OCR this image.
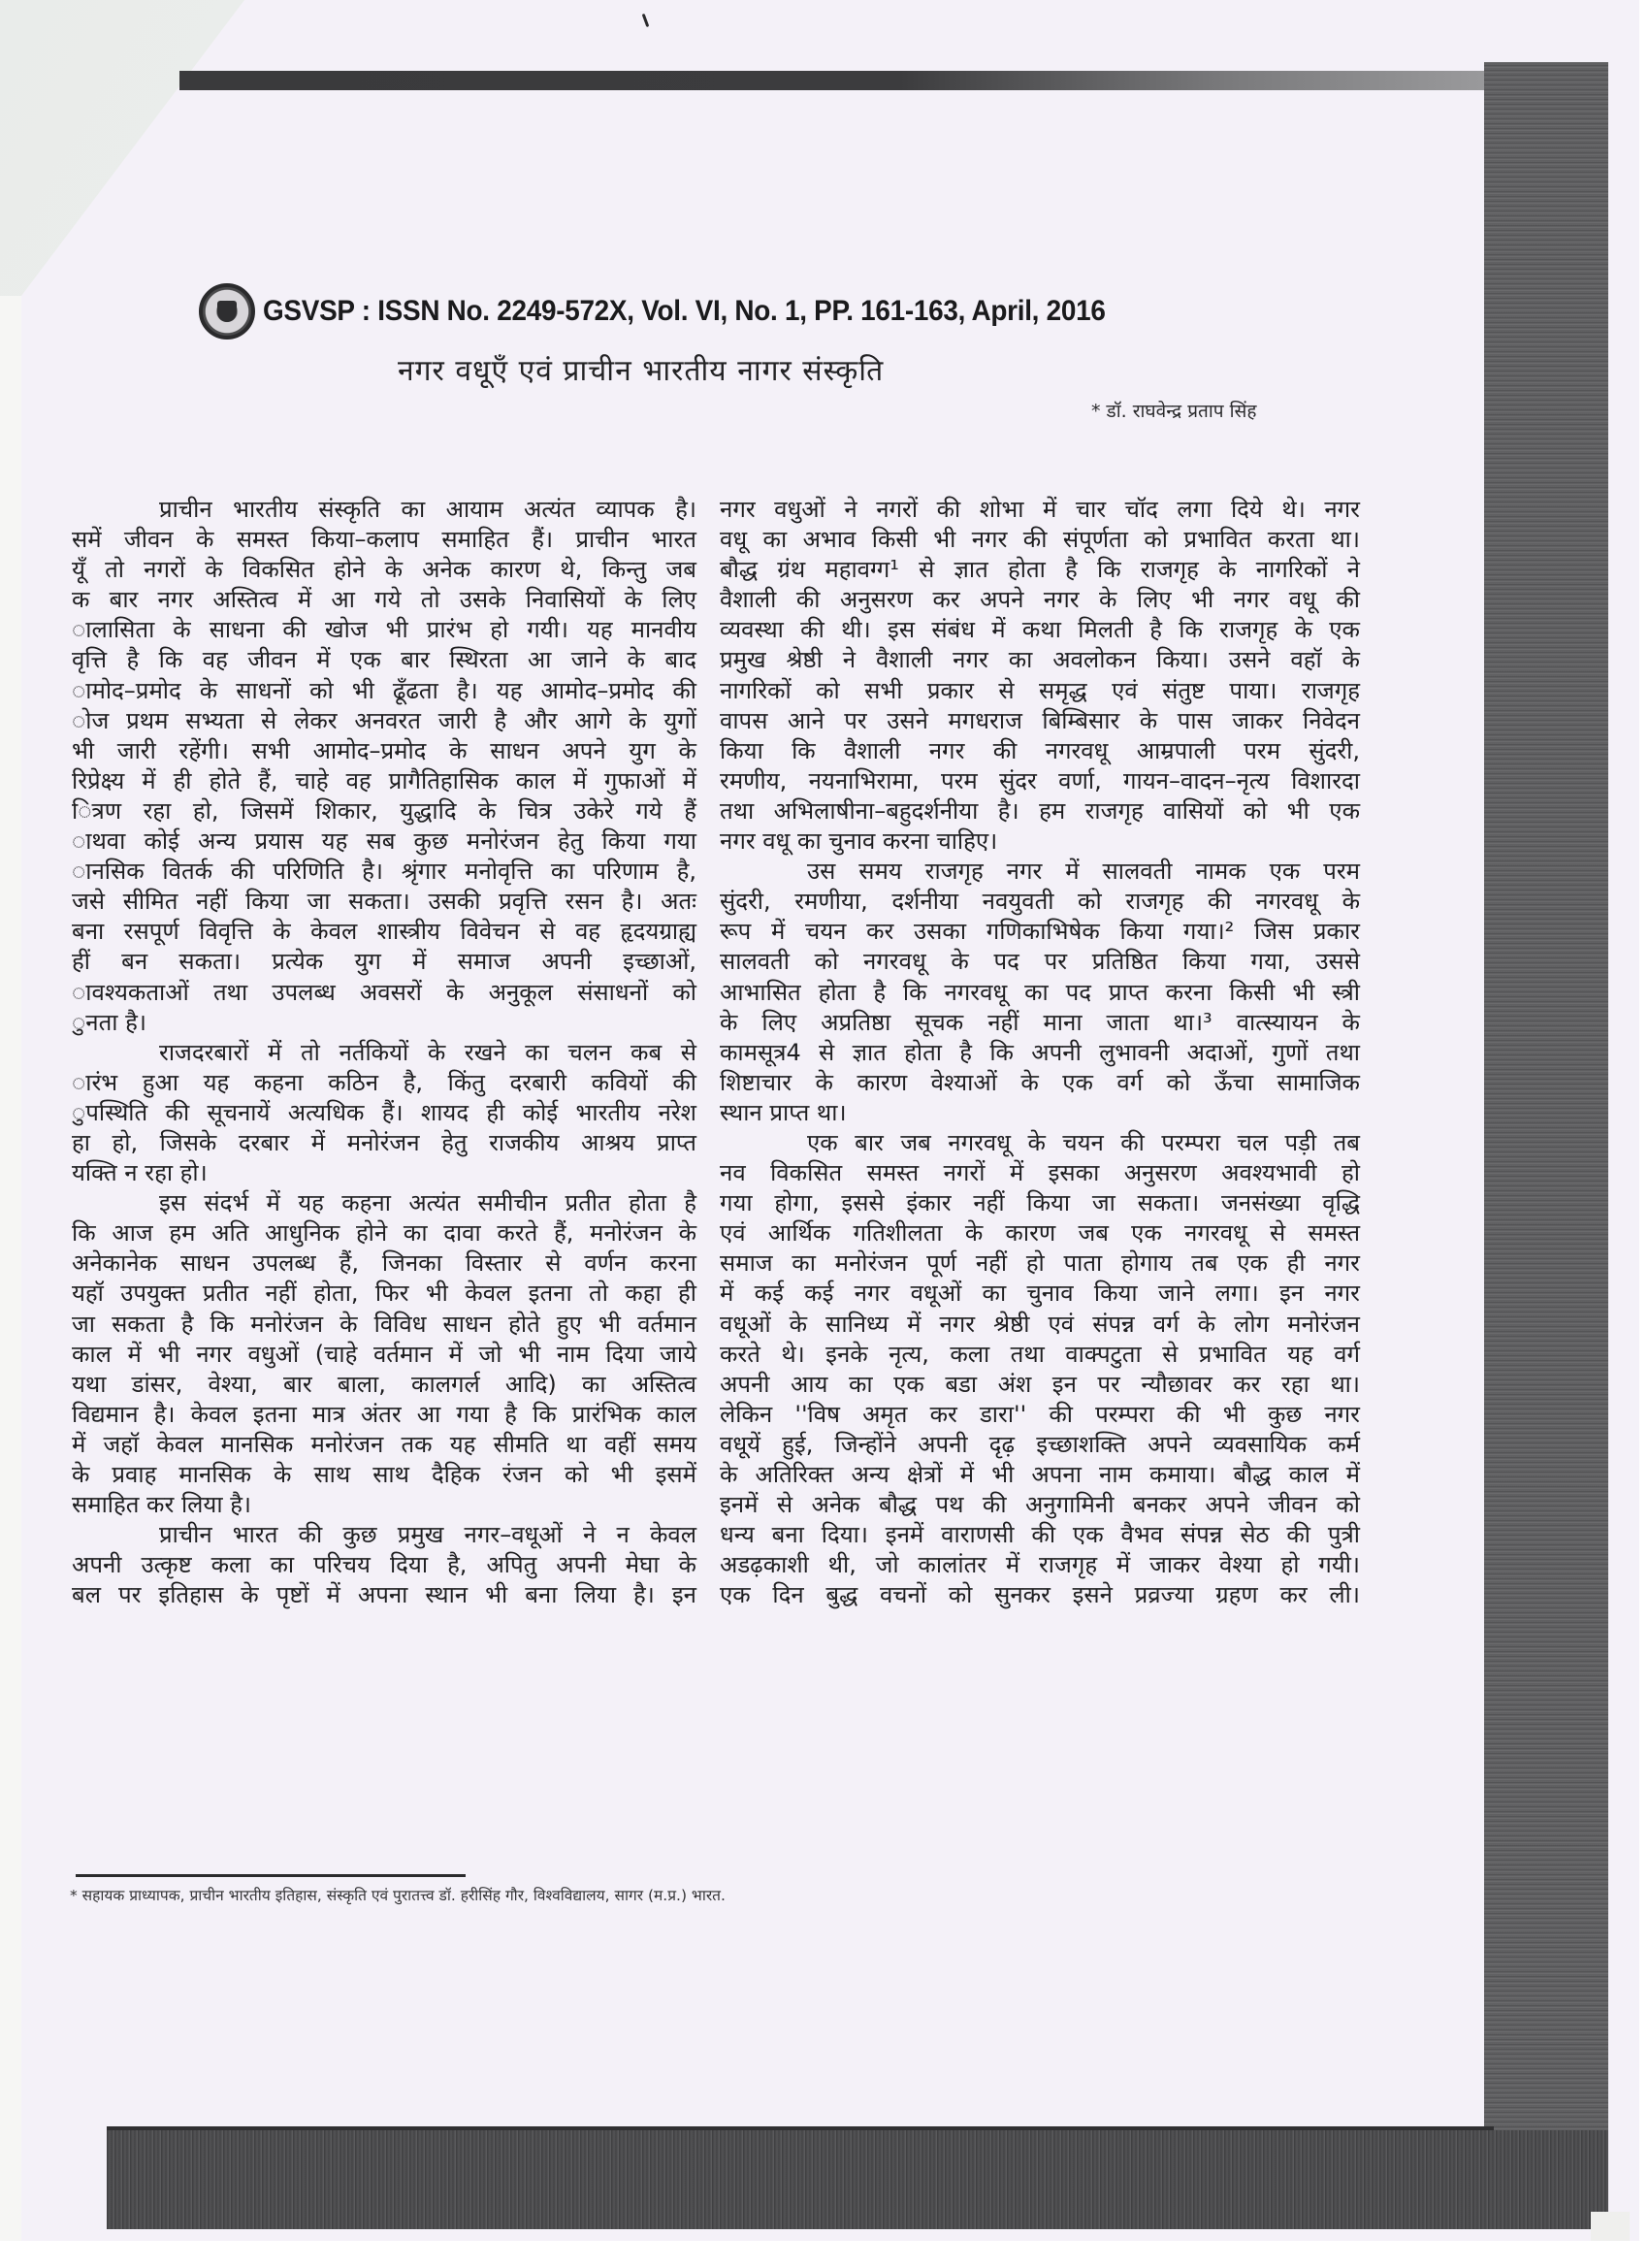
GSVSP : ISSN No. 2249-572X, Vol. VI, No. 1, PP. 161-163, April, 2016
नगर वधूएँ एवं प्राचीन भारतीय नागर संस्कृति
* डॉ. राघवेन्द्र प्रताप सिंह
प्राचीन भारतीय संस्कृति का आयाम अत्यंत व्यापक है।
समें जीवन के समस्त किया–कलाप समाहित हैं। प्राचीन भारत
यूँ तो नगरों के विकसित होने के अनेक कारण थे, किन्तु जब
क बार नगर अस्तित्व में आ गये तो उसके निवासियों के लिए
ालासिता के साधना की खोज भी प्रारंभ हो गयी। यह मानवीय
वृत्ति है कि वह जीवन में एक बार स्थिरता आ जाने के बाद
ामोद–प्रमोद के साधनों को भी ढूँढता है। यह आमोद–प्रमोद की
ोज प्रथम सभ्यता से लेकर अनवरत जारी है और आगे के युगों
भी जारी रहेंगी। सभी आमोद–प्रमोद के साधन अपने युग के
रिप्रेक्ष्य में ही होते हैं, चाहे वह प्रागैतिहासिक काल में गुफाओं में
ित्रण रहा हो, जिसमें शिकार, युद्धादि के चित्र उकेरे गये हैं
ाथवा कोई अन्य प्रयास यह सब कुछ मनोरंजन हेतु किया गया
ानसिक वितर्क की परिणिति है। श्रृंगार मनोवृत्ति का परिणाम है,
जसे सीमित नहीं किया जा सकता। उसकी प्रवृत्ति रसन है। अतः
बना रसपूर्ण विवृत्ति के केवल शास्त्रीय विवेचन से वह हृदयग्राह्य
हीं बन सकता। प्रत्येक युग में समाज अपनी इच्छाओं,
ावश्यकताओं तथा उपलब्ध अवसरों के अनुकूल संसाधनों को
ुनता है।
राजदरबारों में तो नर्तकियों के रखने का चलन कब से
ारंभ हुआ यह कहना कठिन है, किंतु दरबारी कवियों की
ुपस्थिति की सूचनायें अत्यधिक हैं। शायद ही कोई भारतीय नरेश
हा हो, जिसके दरबार में मनोरंजन हेतु राजकीय आश्रय प्राप्त
यक्ति न रहा हो।
इस संदर्भ में यह कहना अत्यंत समीचीन प्रतीत होता है
कि आज हम अति आधुनिक होने का दावा करते हैं, मनोरंजन के
अनेकानेक साधन उपलब्ध हैं, जिनका विस्तार से वर्णन करना
यहॉ उपयुक्त प्रतीत नहीं होता, फिर भी केवल इतना तो कहा ही
जा सकता है कि मनोरंजन के विविध साधन होते हुए भी वर्तमान
काल में भी नगर वधुओं (चाहे वर्तमान में जो भी नाम दिया जाये
यथा डांसर, वेश्या, बार बाला, कालगर्ल आदि) का अस्तित्व
विद्यमान है। केवल इतना मात्र अंतर आ गया है कि प्रारंभिक काल
में जहॉ केवल मानसिक मनोरंजन तक यह सीमति था वहीं समय
के प्रवाह मानसिक के साथ साथ दैहिक रंजन को भी इसमें
समाहित कर लिया है।
प्राचीन भारत की कुछ प्रमुख नगर–वधूओं ने न केवल
अपनी उत्कृष्ट कला का परिचय दिया है, अपितु अपनी मेघा के
बल पर इतिहास के पृष्टों में अपना स्थान भी बना लिया है। इन
नगर वधुओं ने नगरों की शोभा में चार चॉद लगा दिये थे। नगर
वधू का अभाव किसी भी नगर की संपूर्णता को प्रभावित करता था।
बौद्ध ग्रंथ महावग्ग¹ से ज्ञात होता है कि राजगृह के नागरिकों ने
वैशाली की अनुसरण कर अपने नगर के लिए भी नगर वधू की
व्यवस्था की थी। इस संबंध में कथा मिलती है कि राजगृह के एक
प्रमुख श्रेष्ठी ने वैशाली नगर का अवलोकन किया। उसने वहॉ के
नागरिकों को सभी प्रकार से समृद्ध एवं संतुष्ट पाया। राजगृह
वापस आने पर उसने मगधराज बिम्बिसार के पास जाकर निवेदन
किया कि वैशाली नगर की नगरवधू आम्रपाली परम सुंदरी,
रमणीय, नयनाभिरामा, परम सुंदर वर्णा, गायन–वादन–नृत्य विशारदा
तथा अभिलाषीना–बहुदर्शनीया है। हम राजगृह वासियों को भी एक
नगर वधू का चुनाव करना चाहिए।
उस समय राजगृह नगर में सालवती नामक एक परम
सुंदरी, रमणीया, दर्शनीया नवयुवती को राजगृह की नगरवधू के
रूप में चयन कर उसका गणिकाभिषेक किया गया।² जिस प्रकार
सालवती को नगरवधू के पद पर प्रतिष्ठित किया गया, उससे
आभासित होता है कि नगरवधू का पद प्राप्त करना किसी भी स्त्री
के लिए अप्रतिष्ठा सूचक नहीं माना जाता था।³ वात्स्यायन के
कामसूत्र4 से ज्ञात होता है कि अपनी लुभावनी अदाओं, गुणों तथा
शिष्टाचार के कारण वेश्याओं के एक वर्ग को ऊँचा सामाजिक
स्थान प्राप्त था।
एक बार जब नगरवधू के चयन की परम्परा चल पड़ी तब
नव विकसित समस्त नगरों में इसका अनुसरण अवश्यभावी हो
गया होगा, इससे इंकार नहीं किया जा सकता। जनसंख्या वृद्धि
एवं आर्थिक गतिशीलता के कारण जब एक नगरवधू से समस्त
समाज का मनोरंजन पूर्ण नहीं हो पाता होगाय तब एक ही नगर
में कई कई नगर वधूओं का चुनाव किया जाने लगा। इन नगर
वधूओं के सानिध्य में नगर श्रेष्ठी एवं संपन्न वर्ग के लोग मनोरंजन
करते थे। इनके नृत्य, कला तथा वाक्पटुता से प्रभावित यह वर्ग
अपनी आय का एक बडा अंश इन पर न्यौछावर कर रहा था।
लेकिन ''विष अमृत कर डारा'' की परम्परा की भी कुछ नगर
वधूयें हुई, जिन्होंने अपनी दृढ़ इच्छाशक्ति अपने व्यवसायिक कर्म
के अतिरिक्त अन्य क्षेत्रों में भी अपना नाम कमाया। बौद्ध काल में
इनमें से अनेक बौद्ध पथ की अनुगामिनी बनकर अपने जीवन को
धन्य बना दिया। इनमें वाराणसी की एक वैभव संपन्न सेठ की पुत्री
अडढ़काशी थी, जो कालांतर में राजगृह में जाकर वेश्या हो गयी।
एक दिन बुद्ध वचनों को सुनकर इसने प्रव्रज्या ग्रहण कर ली।
* सहायक प्राध्यापक, प्राचीन भारतीय इतिहास, संस्कृति एवं पुरातत्त्व डॉ. हरीसिंह गौर, विश्वविद्यालय, सागर (म.प्र.) भारत.
